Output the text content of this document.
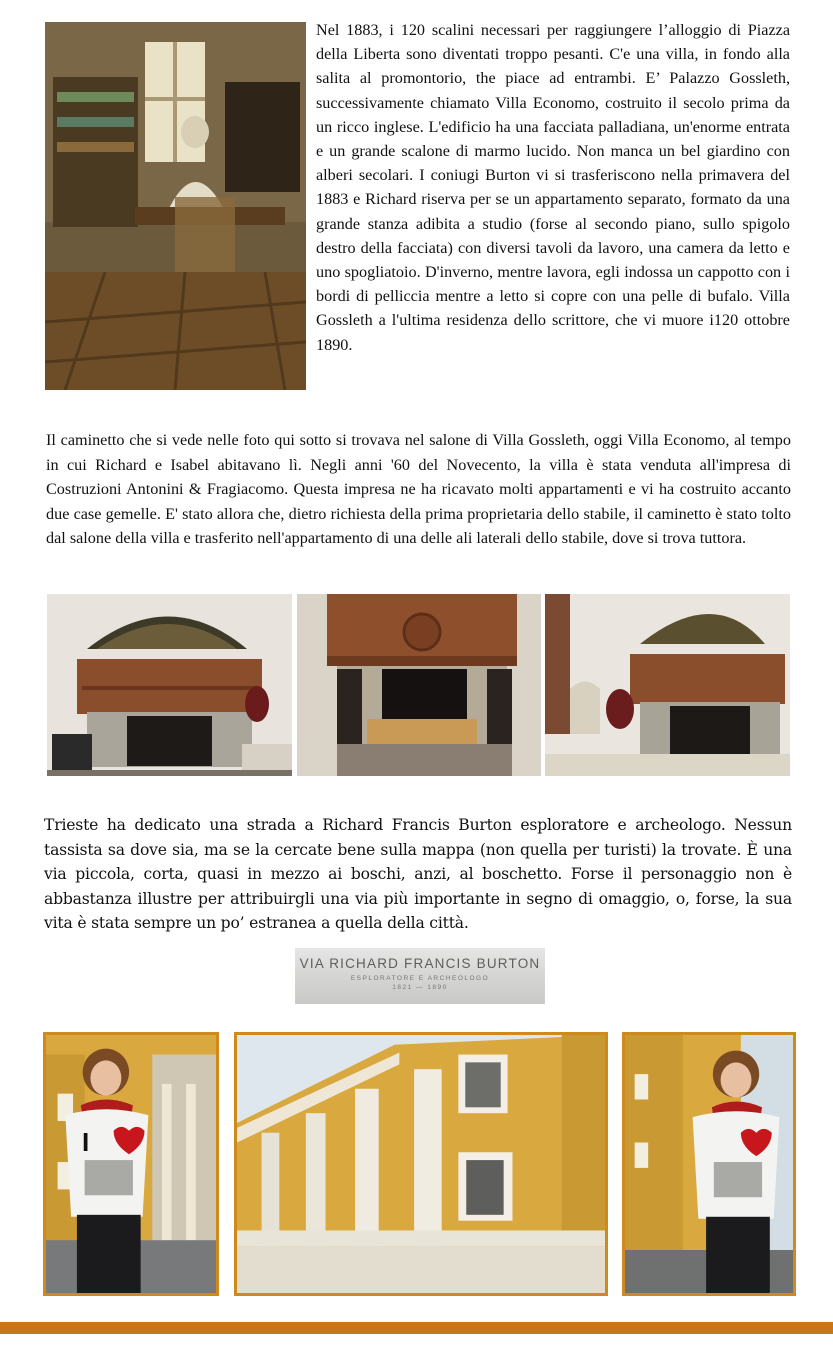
Nel 1883, i 120 scalini necessari per raggiungere l’alloggio di Piazza della Liberta sono diventati troppo pesanti. C'e una villa, in fondo alla salita al promontorio, the piace ad entrambi. E’ Palazzo Gossleth, successivamente chiamato Villa Economo, costruito il secolo prima da un ricco inglese. L'edificio ha una facciata palladiana, un'enorme entrata e un grande scalone di marmo lucido. Non manca un bel giardino con alberi secolari. I coniugi Burton vi si trasferiscono nella primavera del 1883 e Richard riserva per se un appartamento separato, formato da una grande stanza adibita a studio (forse al secondo piano, sullo spigolo destro della facciata) con diversi tavoli da lavoro, una camera da letto e uno spogliatoio. D'inverno, mentre lavora, egli indossa un cappotto con i bordi di pelliccia mentre a letto si copre con una pelle di bufalo. Villa Gossleth a l'ultima residenza dello scrittore, che vi muore i120 ottobre 1890.

Il caminetto che si vede nelle foto qui sotto si trovava nel salone di Villa Gossleth, oggi Villa Economo, al tempo in cui Richard e Isabel abitavano lì. Negli anni '60 del Novecento, la villa è stata venduta all'impresa di Costruzioni Antonini & Fragiacomo. Questa impresa ne ha ricavato molti appartamenti e vi ha costruito accanto due case gemelle. E' stato allora che, dietro richiesta della prima proprietaria dello stabile, il caminetto è stato tolto dal salone della villa e trasferito nell'appartamento di una delle ali laterali dello stabile, dove si trova tuttora.

Trieste ha dedicato una strada a Richard Francis Burton esploratore e archeologo. Nessun tassista sa dove sia, ma se la cercate bene sulla mappa (non quella per turisti) la trovate. È una via piccola, corta, quasi in mezzo ai boschi, anzi, al boschetto. Forse il personaggio non è abbastanza illustre per attribuirgli una via più importante in segno di omaggio, o, forse, la sua vita è stata sempre un po’ estranea a quella della città.

VIA RICHARD FRANCIS BURTON
ESPLORATORE E ARCHEOLOGO
1821 — 1890
I
